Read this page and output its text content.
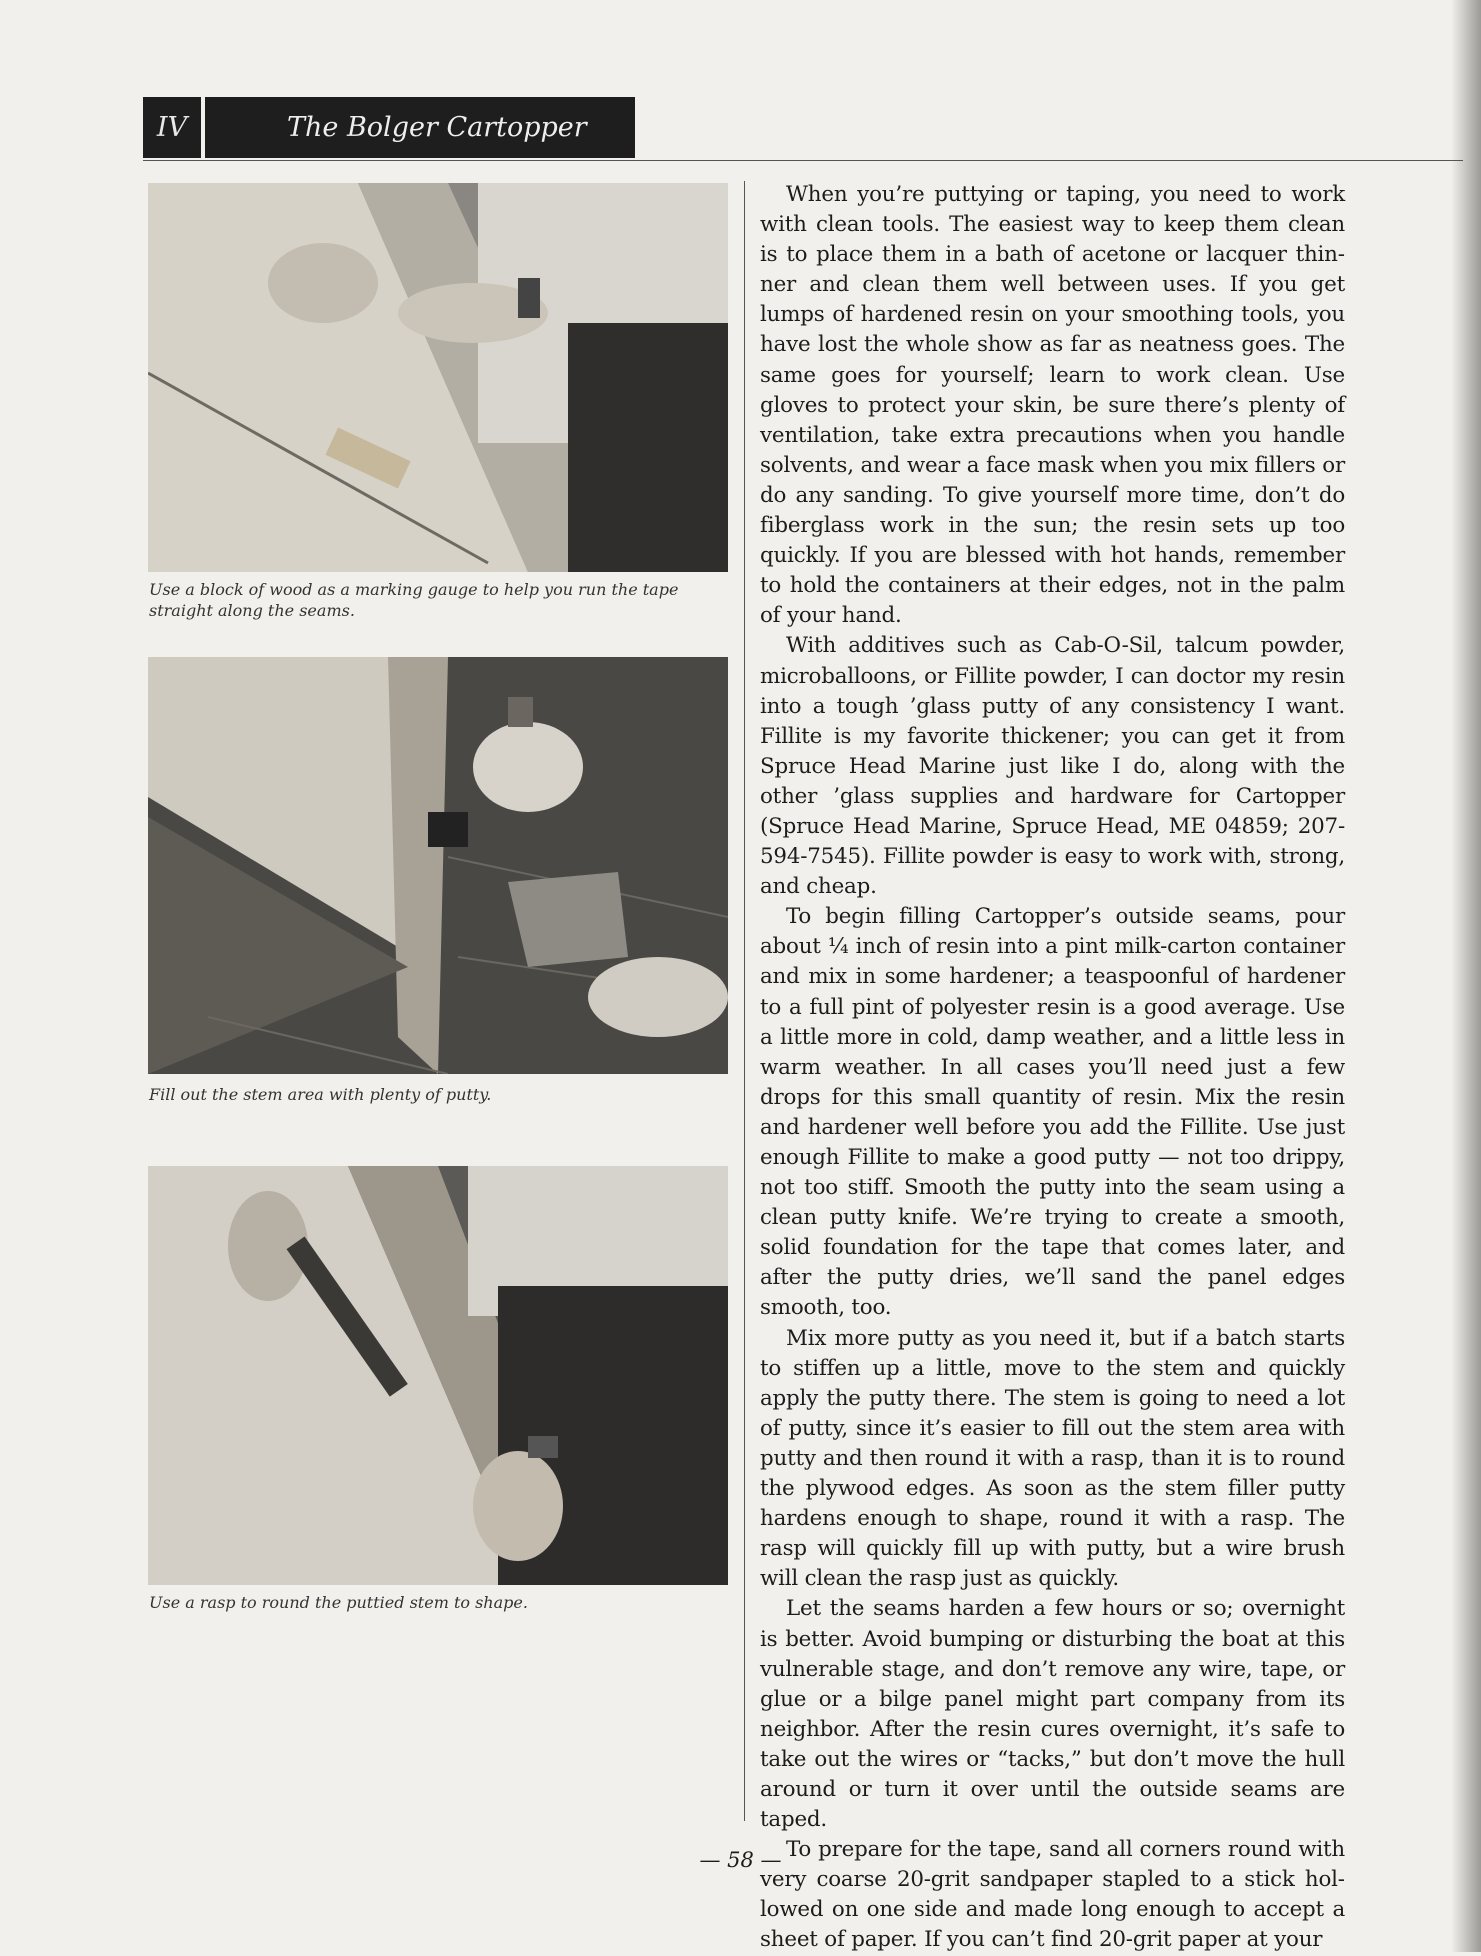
IV	The Bolger Cartopper
Use a block of wood as a marking gauge to help you run the tape straight along the seams.
Fill out the stem area with plenty of putty.
Use a rasp to round the puttied stem to shape.

When you’re puttying or taping, you need to work with clean tools. The easiest way to keep them clean is to place them in a bath of acetone or lacquer thinner and clean them well between uses. If you get lumps of hardened resin on your smoothing tools, you have lost the whole show as far as neatness goes. The same goes for yourself; learn to work clean. Use gloves to protect your skin, be sure there’s plenty of ventilation, take extra precautions when you handle solvents, and wear a face mask when you mix fillers or do any sanding. To give yourself more time, don’t do fiberglass work in the sun; the resin sets up too quickly. If you are blessed with hot hands, remember to hold the containers at their edges, not in the palm of your hand.

With additives such as Cab-O-Sil, talcum powder, microballoons, or Fillite powder, I can doctor my resin into a tough ’glass putty of any consistency I want. Fillite is my favorite thickener; you can get it from Spruce Head Marine just like I do, along with the other ’glass supplies and hardware for Cartopper (Spruce Head Marine, Spruce Head, ME 04859; 207-594-7545). Fillite powder is easy to work with, strong, and cheap.

To begin filling Cartopper’s outside seams, pour about ¼ inch of resin into a pint milk-carton container and mix in some hardener; a teaspoonful of hardener to a full pint of polyester resin is a good average. Use a little more in cold, damp weather, and a little less in warm weather. In all cases you’ll need just a few drops for this small quantity of resin. Mix the resin and hardener well before you add the Fillite. Use just enough Fillite to make a good putty — not too drippy, not too stiff. Smooth the putty into the seam using a clean putty knife. We’re trying to create a smooth, solid foundation for the tape that comes later, and after the putty dries, we’ll sand the panel edges smooth, too.

Mix more putty as you need it, but if a batch starts to stiffen up a little, move to the stem and quickly apply the putty there. The stem is going to need a lot of putty, since it’s easier to fill out the stem area with putty and then round it with a rasp, than it is to round the plywood edges. As soon as the stem filler putty hardens enough to shape, round it with a rasp. The rasp will quickly fill up with putty, but a wire brush will clean the rasp just as quickly.

Let the seams harden a few hours or so; overnight is better. Avoid bumping or disturbing the boat at this vulnerable stage, and don’t remove any wire, tape, or glue or a bilge panel might part company from its neighbor. After the resin cures overnight, it’s safe to take out the wires or “tacks,” but don’t move the hull around or turn it over until the outside seams are taped.

To prepare for the tape, sand all corners round with very coarse 20-grit sandpaper stapled to a stick hollowed on one side and made long enough to accept a sheet of paper. If you can’t find 20-grit paper at your

— 58 —
